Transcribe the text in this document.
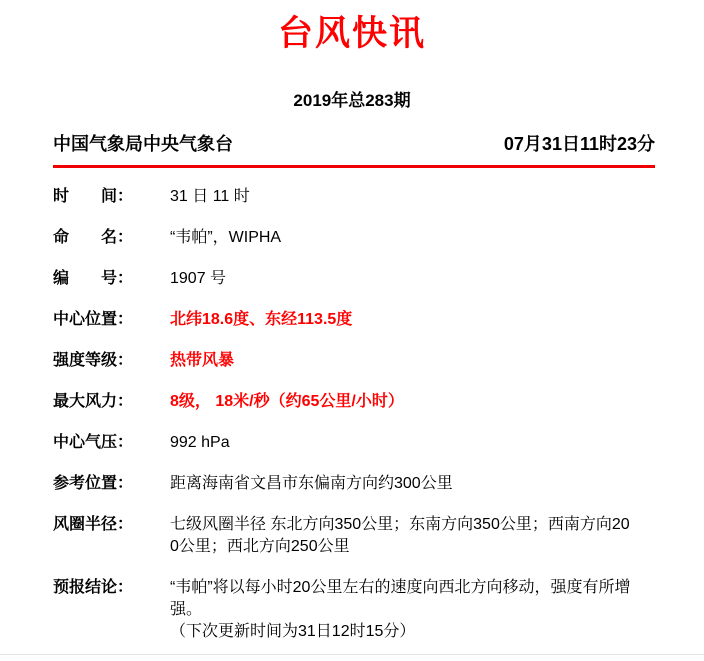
台风快讯
2019年总283期
中国气象局中央气象台	07月31日11时23分
时 间：	31 日 11 时
命 名：	“韦帕”，WIPHA
编 号：	1907 号
中心位置：	北纬18.6度、东经113.5度
强度等级：	热带风暴
最大风力：	8级， 18米/秒（约65公里/小时）
中心气压：	992 hPa
参考位置：	距离海南省文昌市东偏南方向约300公里
风圈半径：	七级风圈半径 东北方向350公里；东南方向350公里；西南方向200公里；西北方向250公里
预报结论：	“韦帕”将以每小时20公里左右的速度向西北方向移动，强度有所增强。
（下次更新时间为31日12时15分）
